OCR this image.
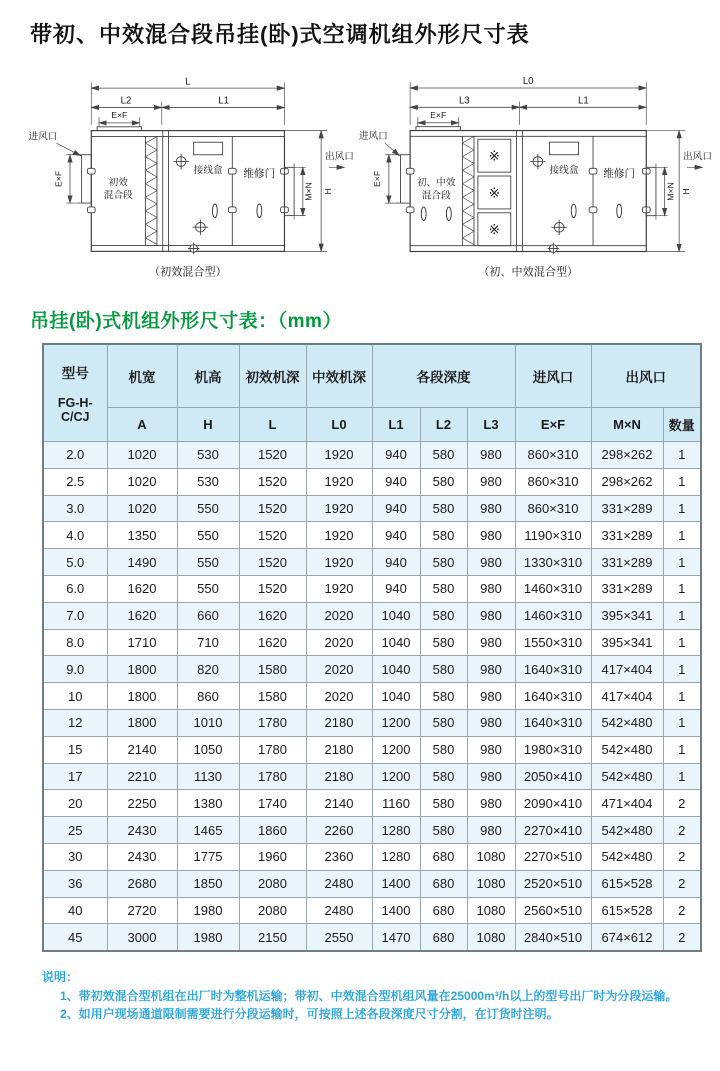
带初、中效混合段吊挂(卧)式空调机组外形尺寸表
L
L2	L1
E×F
E×F
M×N H
进风口
初效
混合段
接线盒 维修门
出风口
（初效混合型）
L0
L3	L1
E×F
E×F
M×N H
※
※
※
进风口
初、中效
混合段
接线盒 维修门
出风口
（初、中效混合型）
吊挂(卧)式机组外形尺寸表：（mm）
型号
FG-H-
C/CJ	机宽	机高	初效机深	中效机深	各段深度			进风口	出风口	
	A	H	L	L0	L1	L2	L3	E×F	M×N	数量
2.0	1020	530	1520	1920	940	580	980	860×310	298×262	1
2.5	1020	530	1520	1920	940	580	980	860×310	298×262	1
3.0	1020	550	1520	1920	940	580	980	860×310	331×289	1
4.0	1350	550	1520	1920	940	580	980	1190×310	331×289	1
5.0	1490	550	1520	1920	940	580	980	1330×310	331×289	1
6.0	1620	550	1520	1920	940	580	980	1460×310	331×289	1
7.0	1620	660	1620	2020	1040	580	980	1460×310	395×341	1
8.0	1710	710	1620	2020	1040	580	980	1550×310	395×341	1
9.0	1800	820	1580	2020	1040	580	980	1640×310	417×404	1
10	1800	860	1580	2020	1040	580	980	1640×310	417×404	1
12	1800	1010	1780	2180	1200	580	980	1640×310	542×480	1
15	2140	1050	1780	2180	1200	580	980	1980×310	542×480	1
17	2210	1130	1780	2180	1200	580	980	2050×410	542×480	1
20	2250	1380	1740	2140	1160	580	980	2090×410	471×404	2
25	2430	1465	1860	2260	1280	580	980	2270×410	542×480	2
30	2430	1775	1960	2360	1280	680	1080	2270×510	542×480	2
36	2680	1850	2080	2480	1400	680	1080	2520×510	615×528	2
40	2720	1980	2080	2480	1400	680	1080	2560×510	615×528	2
45	3000	1980	2150	2550	1470	680	1080	2840×510	674×612	2
说明：
1、带初效混合型机组在出厂时为整机运输；带初、中效混合型机组风量在25000m³/h以上的型号出厂时为分段运输。
2、如用户现场通道限制需要进行分段运输时，可按照上述各段深度尺寸分割，在订货时注明。
